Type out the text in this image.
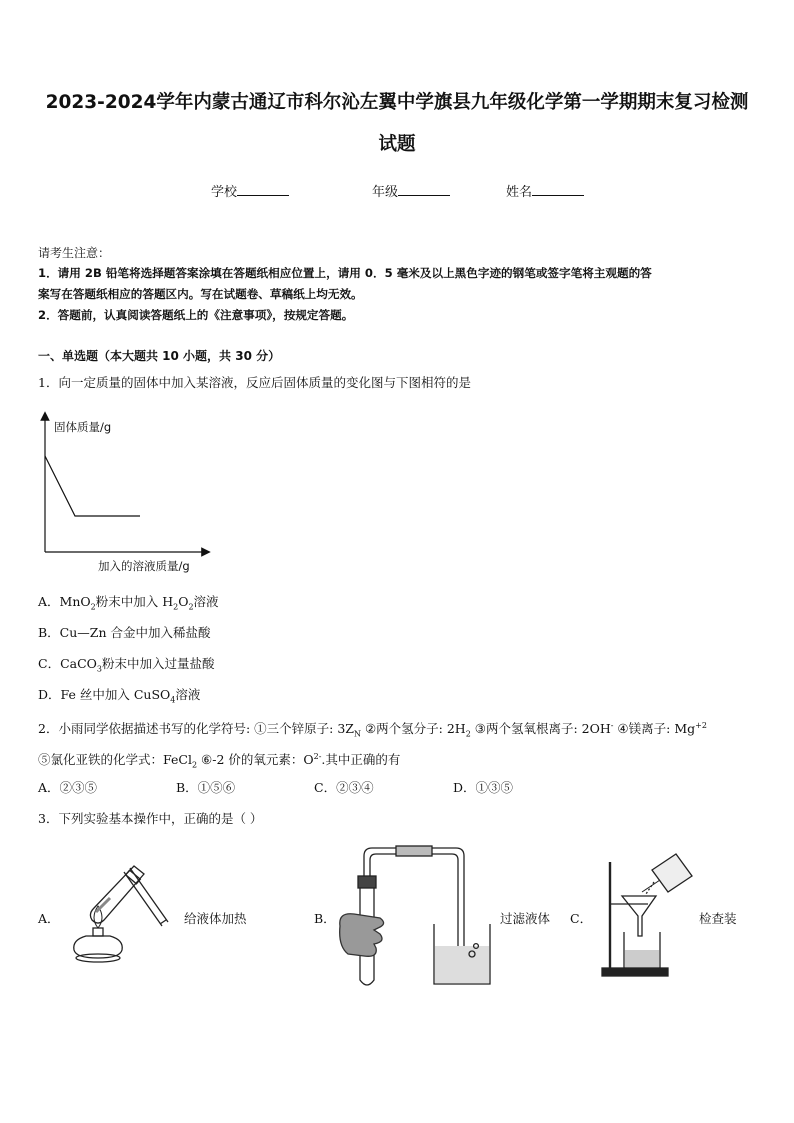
2023-2024学年内蒙古通辽市科尔沁左翼中学旗县九年级化学第一学期期末复习检测
试题
学校	年级	姓名
请考生注意：
1．请用 2B 铅笔将选择题答案涂填在答题纸相应位置上，请用 0．5 毫米及以上黑色字迹的钢笔或签字笔将主观题的答
案写在答题纸相应的答题区内。写在试题卷、草稿纸上均无效。
2．答题前，认真阅读答题纸上的《注意事项》，按规定答题。
一、单选题（本大题共 10 小题，共 30 分）
1．向一定质量的固体中加入某溶液，反应后固体质量的变化图与下图相符的是
固体质量/g
加入的溶液质量/g
A．MnO$_2$粉末中加入 $H_2O_2$溶液
B．Cu—Zn 合金中加入稀盐酸
C．CaCO$_3$粉末中加入过量盐酸
D．Fe 丝中加入 CuSO$_4$溶液
2．小雨同学依据描述书写的化学符号: ①三个锌原子: $3Z_N$ ②两个氢分子: $2H_2$ ③两个氢氧根离子: 2OH- ④镁离子: $Mg^{+2}$
⑤氯化亚铁的化学式：FeCl$_2$ ⑥-2 价的氧元素：$O^{2-}$.其中正确的有
A．②③⑤	B．①⑤⑥	C．②③④	D．①③⑤
3．下列实验基本操作中，正确的是（ ）
A．	给液体加热	B．	过滤液体 C．	检查装
